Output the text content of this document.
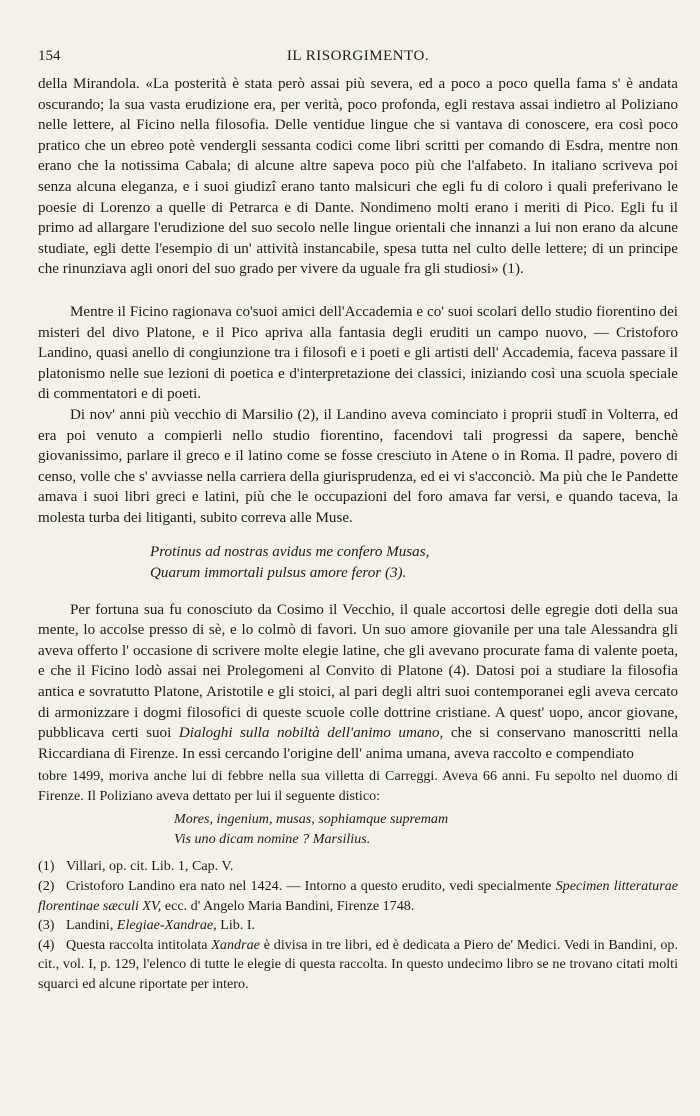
154	IL RISORGIMENTO.

della Mirandola. «La posterità è stata però assai più severa, ed a poco a poco quella fama s' è andata oscurando; la sua vasta erudizione era, per verità, poco profonda, egli restava assai indietro al Poliziano nelle lettere, al Ficino nella filosofia. Delle ventidue lingue che si vantava di conoscere, era così poco pratico che un ebreo potè vendergli sessanta codici come libri scritti per comando di Esdra, mentre non erano che la notissima Cabala; di alcune altre sapeva poco più che l'alfabeto. In italiano scriveva poi senza alcuna eleganza, e i suoi giudizî erano tanto malsicuri che egli fu di coloro i quali preferivano le poesie di Lorenzo a quelle di Petrarca e di Dante. Nondimeno molti erano i meriti di Pico. Egli fu il primo ad allargare l'erudizione del suo secolo nelle lingue orientali che innanzi a lui non erano da alcune studiate, egli dette l'esempio di un' attività instancabile, spesa tutta nel culto delle lettere; di un principe che rinunziava agli onori del suo grado per vivere da uguale fra gli studiosi» (1).

Mentre il Ficino ragionava co'suoi amici dell'Accademia e co' suoi scolari dello studio fiorentino dei misteri del divo Platone, e il Pico apriva alla fantasia degli eruditi un campo nuovo, — Cristoforo Landino, quasi anello di congiunzione tra i filosofi e i poeti e gli artisti dell' Accademia, faceva passare il platonismo nelle sue lezioni di poetica e d'interpretazione dei classici, iniziando così una scuola speciale di commentatori e di poeti.

Di nov' anni più vecchio di Marsilio (2), il Landino aveva cominciato i proprii studî in Volterra, ed era poi venuto a compierli nello studio fiorentino, facendovi tali progressi da sapere, benchè giovanissimo, parlare il greco e il latino come se fosse cresciuto in Atene o in Roma. Il padre, povero di censo, volle che s' avviasse nella carriera della giurisprudenza, ed ei vi s'acconciò. Ma più che le Pandette amava i suoi libri greci e latini, più che le occupazioni del foro amava far versi, e quando taceva, la molesta turba dei litiganti, subito correva alle Muse.

Protinus ad nostras avidus me confero Musas,
Quarum immortali pulsus amore feror (3).

Per fortuna sua fu conosciuto da Cosimo il Vecchio, il quale accortosi delle egregie doti della sua mente, lo accolse presso di sè, e lo colmò di favori. Un suo amore giovanile per una tale Alessandra gli aveva offerto l' occasione di scrivere molte elegie latine, che gli avevano procurate fama di valente poeta, e che il Ficino lodò assai nei Prolegomeni al Convito di Platone (4). Datosi poi a studiare la filosofia antica e sovratutto Platone, Aristotile e gli stoici, al pari degli altri suoi contemporanei egli aveva cercato di armonizzare i dogmi filosofici di queste scuole colle dottrine cristiane. A quest' uopo, ancor giovane, pubblicava certi suoi Dialoghi sulla nobiltà dell'animo umano, che si conservano manoscritti nella Riccardiana di Firenze. In essi cercando l'origine dell' anima umana, aveva raccolto e compendiato

tobre 1499, moriva anche lui di febbre nella sua villetta di Carreggi. Aveva 66 anni. Fu sepolto nel duomo di Firenze. Il Poliziano aveva dettato per lui il seguente distico:

Mores, ingenium, musas, sophiamque supremam
Vis uno dicam nomine ? Marsilius.

(1) Villari, op. cit. Lib. 1, Cap. V.

(2) Cristoforo Landino era nato nel 1424. — Intorno a questo erudito, vedi specialmente Specimen litteraturae florentinae sæculi XV, ecc. d' Angelo Maria Bandini, Firenze 1748.

(3) Landini, Elegiae-Xandrae, Lib. I.

(4) Questa raccolta intitolata Xandrae è divisa in tre libri, ed è dedicata a Piero de' Medici. Vedi in Bandini, op. cit., vol. I, p. 129, l'elenco di tutte le elegie di questa raccolta. In questo undecimo libro se ne trovano citati molti squarci ed alcune riportate per intero.
